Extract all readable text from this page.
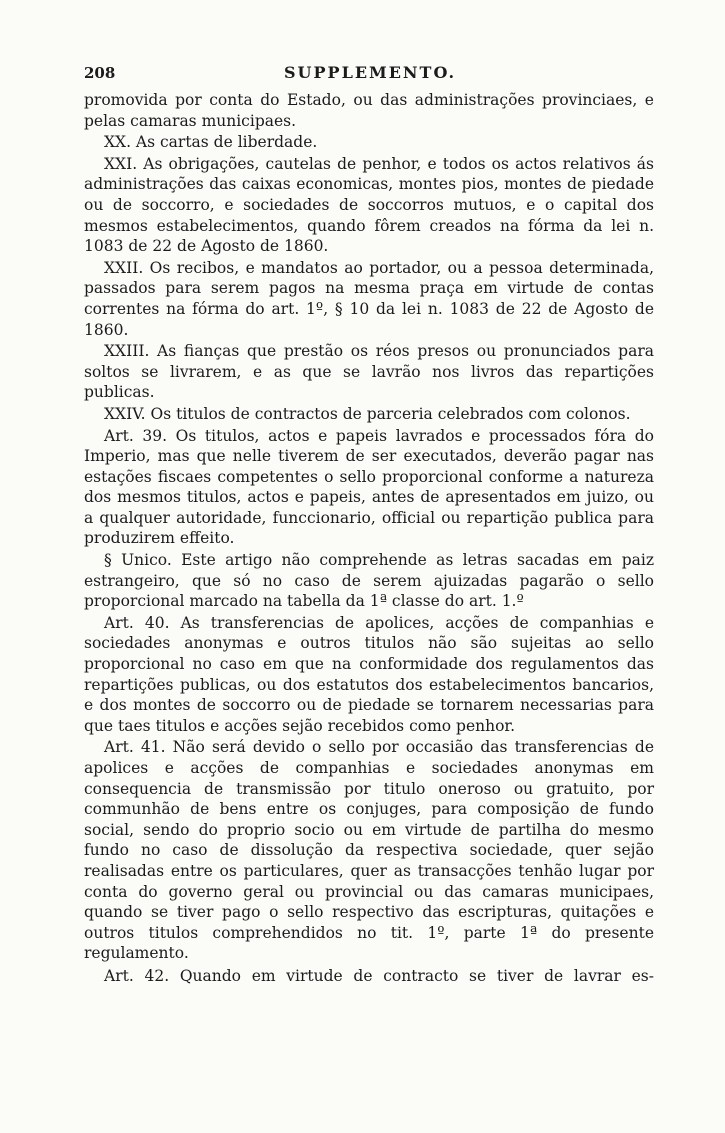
208	SUPPLEMENTO.

promovida por conta do Estado, ou das administrações provinciaes, e pelas camaras municipaes.

XX. As cartas de liberdade.

XXI. As obrigações, cautelas de penhor, e todos os actos relativos ás administrações das caixas economicas, montes pios, montes de piedade ou de soccorro, e sociedades de soccorros mutuos, e o capital dos mesmos estabelecimentos, quando fôrem creados na fórma da lei n. 1083 de 22 de Agosto de 1860.

XXII. Os recibos, e mandatos ao portador, ou a pessoa determinada, passados para serem pagos na mesma praça em virtude de contas correntes na fórma do art. 1º, § 10 da lei n. 1083 de 22 de Agosto de 1860.

XXIII. As fianças que prestão os réos presos ou pronunciados para soltos se livrarem, e as que se lavrão nos livros das repartições publicas.

XXIV. Os titulos de contractos de parceria celebrados com colonos.

Art. 39. Os titulos, actos e papeis lavrados e processados fóra do Imperio, mas que nelle tiverem de ser executados, deverão pagar nas estações fiscaes competentes o sello proporcional conforme a natureza dos mesmos titulos, actos e papeis, antes de apresentados em juizo, ou a qualquer autoridade, funccionario, official ou repartição publica para produzirem effeito.

§ Unico. Este artigo não comprehende as letras sacadas em paiz estrangeiro, que só no caso de serem ajuizadas pagarão o sello proporcional marcado na tabella da 1ª classe do art. 1.º

Art. 40. As transferencias de apolices, acções de companhias e sociedades anonymas e outros titulos não são sujeitas ao sello proporcional no caso em que na conformidade dos regulamentos das repartições publicas, ou dos estatutos dos estabelecimentos bancarios, e dos montes de soccorro ou de piedade se tornarem necessarias para que taes titulos e acções sejão recebidos como penhor.

Art. 41. Não será devido o sello por occasião das transferencias de apolices e acções de companhias e sociedades anonymas em consequencia de transmissão por titulo oneroso ou gratuito, por communhão de bens entre os conjuges, para composição de fundo social, sendo do proprio socio ou em virtude de partilha do mesmo fundo no caso de dissolução da respectiva sociedade, quer sejão realisadas entre os particulares, quer as transacções tenhão lugar por conta do governo geral ou provincial ou das camaras municipaes, quando se tiver pago o sello respectivo das escripturas, quitações e outros titulos comprehendidos no tit. 1º, parte 1ª do presente regulamento.

Art. 42. Quando em virtude de contracto se tiver de lavrar es-
